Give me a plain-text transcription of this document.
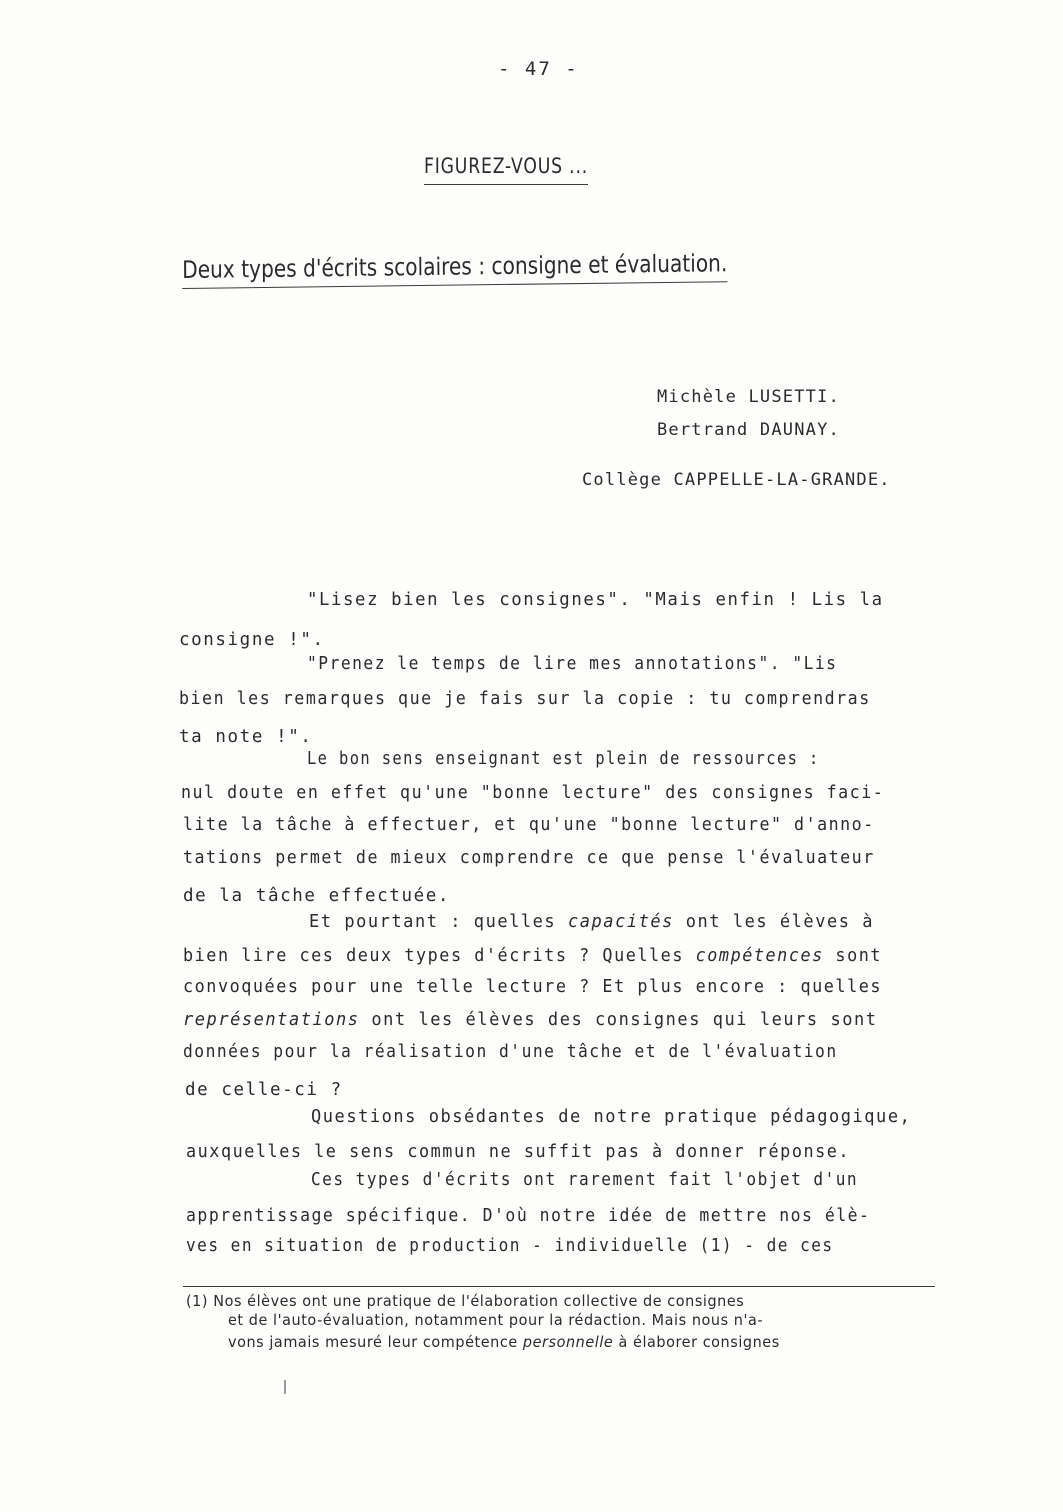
- 47 -
FIGUREZ-VOUS ...
Deux types d'écrits scolaires : consigne et évaluation.
Michèle LUSETTI.
Bertrand DAUNAY.
Collège CAPPELLE-LA-GRANDE.
"Lisez bien les consignes". "Mais enfin ! Lis la
consigne !".
"Prenez le temps de lire mes annotations". "Lis
bien les remarques que je fais sur la copie : tu comprendras
ta note !".
Le bon sens enseignant est plein de ressources :
nul doute en effet qu'une "bonne lecture" des consignes faci-
lite la tâche à effectuer, et qu'une "bonne lecture" d'anno-
tations permet de mieux comprendre ce que pense l'évaluateur
de la tâche effectuée.
Et pourtant : quelles capacités ont les élèves à
bien lire ces deux types d'écrits ? Quelles compétences sont
convoquées pour une telle lecture ? Et plus encore : quelles
représentations ont les élèves des consignes qui leurs sont
données pour la réalisation d'une tâche et de l'évaluation
de celle-ci ?
Questions obsédantes de notre pratique pédagogique,
auxquelles le sens commun ne suffit pas à donner réponse.
Ces types d'écrits ont rarement fait l'objet d'un
apprentissage spécifique. D'où notre idée de mettre nos élè-
ves en situation de production - individuelle (1) - de ces
(1) Nos élèves ont une pratique de l'élaboration collective de consignes
et de l'auto-évaluation, notamment pour la rédaction. Mais nous n'a-
vons jamais mesuré leur compétence personnelle à élaborer consignes
